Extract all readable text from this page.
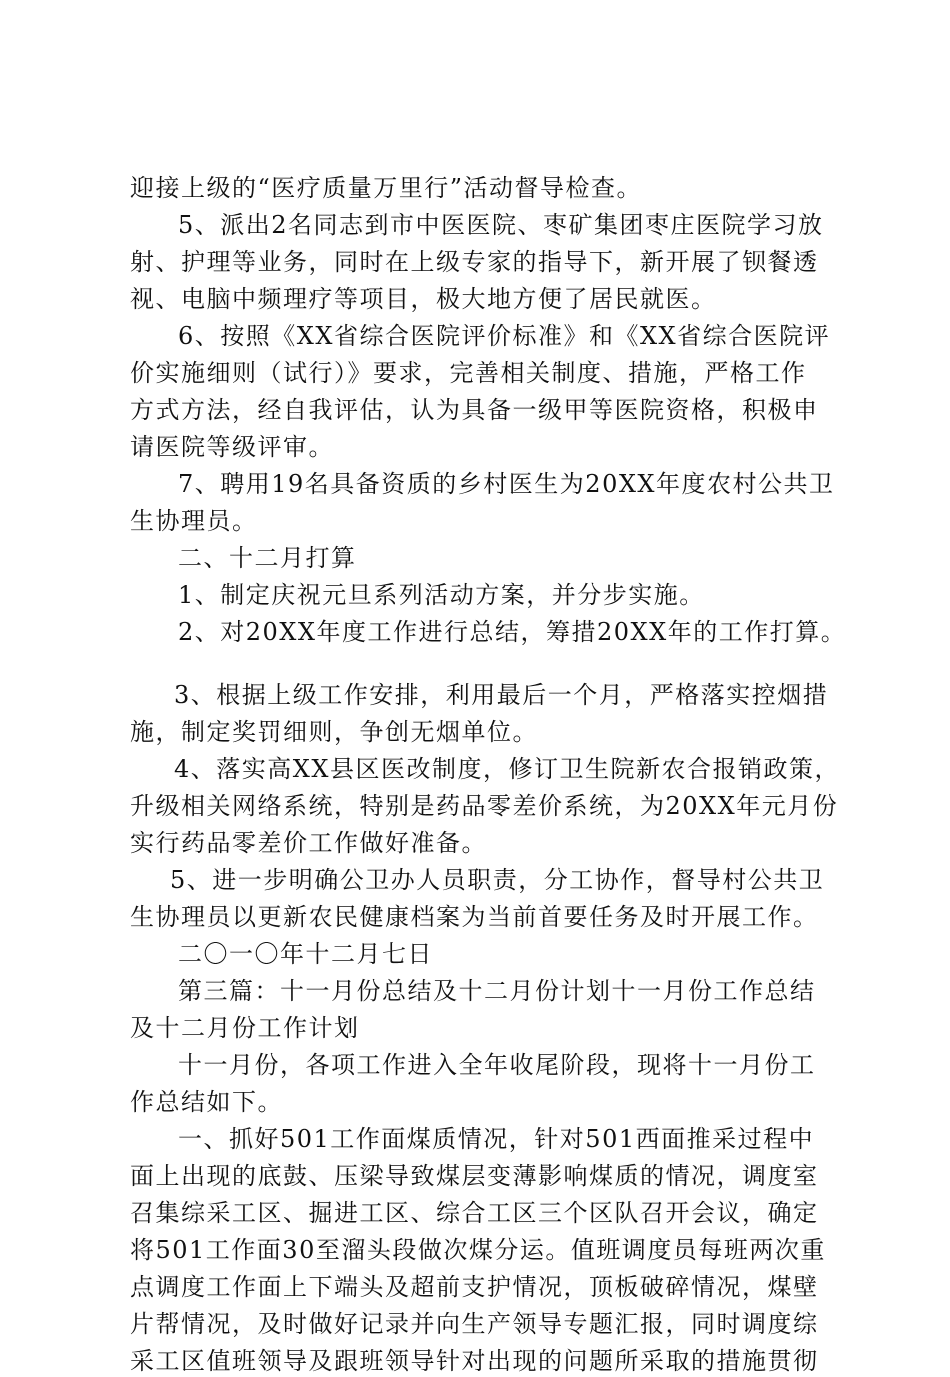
迎接上级的“医疗质量万里行”活动督导检查。
5、派出2名同志到市中医医院、枣矿集团枣庄医院学习放
射、护理等业务，同时在上级专家的指导下，新开展了钡餐透
视、电脑中频理疗等项目，极大地方便了居民就医。
6、按照《XX省综合医院评价标准》和《XX省综合医院评
价实施细则（试行）》要求，完善相关制度、措施，严格工作
方式方法，经自我评估，认为具备一级甲等医院资格，积极申
请医院等级评审。
7、聘用19名具备资质的乡村医生为20XX年度农村公共卫
生协理员。
二、十二月打算
1、制定庆祝元旦系列活动方案，并分步实施。
2、对20XX年度工作进行总结，筹措20XX年的工作打算。
3、根据上级工作安排，利用最后一个月，严格落实控烟措
施，制定奖罚细则，争创无烟单位。
4、落实高XX县区医改制度，修订卫生院新农合报销政策，
升级相关网络系统，特别是药品零差价系统，为20XX年元月份
实行药品零差价工作做好准备。
5、进一步明确公卫办人员职责，分工协作，督导村公共卫
生协理员以更新农民健康档案为当前首要任务及时开展工作。
二〇一〇年十二月七日
第三篇：十一月份总结及十二月份计划十一月份工作总结
及十二月份工作计划
十一月份，各项工作进入全年收尾阶段，现将十一月份工
作总结如下。
一、抓好501工作面煤质情况，针对501西面推采过程中
面上出现的底鼓、压梁导致煤层变薄影响煤质的情况，调度室
召集综采工区、掘进工区、综合工区三个区队召开会议，确定
将501工作面30至溜头段做次煤分运。值班调度员每班两次重
点调度工作面上下端头及超前支护情况，顶板破碎情况，煤壁
片帮情况，及时做好记录并向生产领导专题汇报，同时调度综
采工区值班领导及跟班领导针对出现的问题所采取的措施贯彻
